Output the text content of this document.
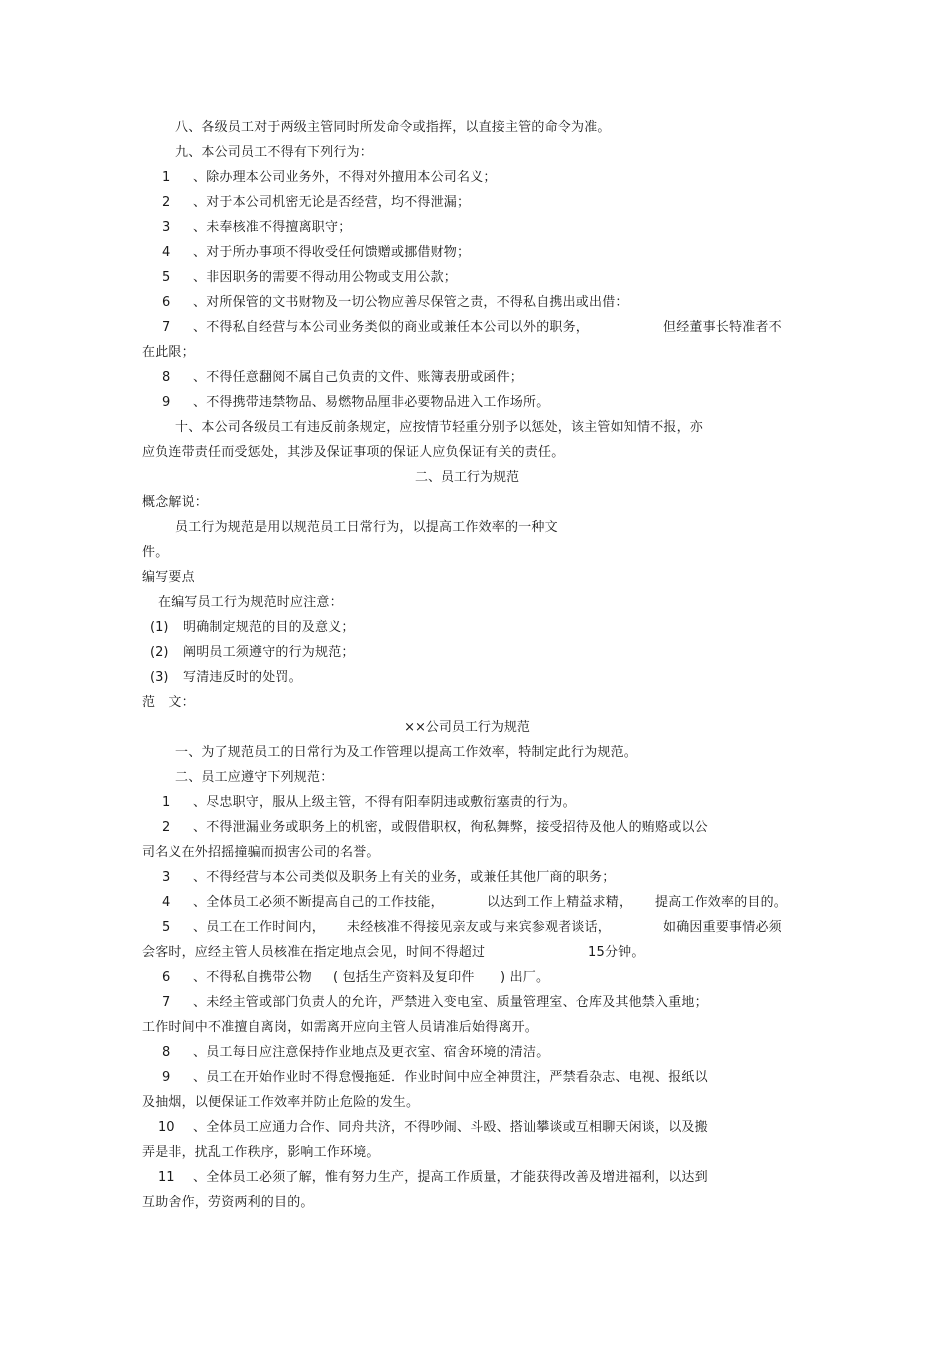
八、各级员工对于两级主管同时所发命令或指挥，以直接主管的命令为准。
九、本公司员工不得有下列行为：
1 、除办理本公司业务外，不得对外擅用本公司名义；
2 、对于本公司机密无论是否经营，均不得泄漏；
3 、未奉核准不得擅离职守；
4 、对于所办事项不得收受任何馈赠或挪借财物；
5 、非因职务的需要不得动用公物或支用公款；
6 、对所保管的文书财物及一切公物应善尽保管之责，不得私自携出或出借：
7 、不得私自经营与本公司业务类似的商业或兼任本公司以外的职务，	但经董事长特准者不
在此限；
8 、不得任意翻阅不属自己负责的文件、账簿表册或函件；
9 、不得携带违禁物品、易燃物品厘非必要物品进入工作场所。
十、本公司各级员工有违反前条规定，应按情节轻重分别予以惩处，该主管如知情不报，亦
应负连带责任而受惩处，其涉及保证事项的保证人应负保证有关的责任。
二、员工行为规范
概念解说：
员工行为规范是用以规范员工日常行为，以提高工作效率的一种文
件。
编写要点
在编写员工行为规范时应注意：
(1) 明确制定规范的目的及意义；
(2) 阐明员工须遵守的行为规范；
(3) 写清违反时的处罚。
范　文：
××公司员工行为规范
一、为了规范员工的日常行为及工作管理以提高工作效率，特制定此行为规范。
二、员工应遵守下列规范：
1 、尽忠职守，服从上级主管，不得有阳奉阴违或敷衍塞责的行为。
2 、不得泄漏业务或职务上的机密，或假借职权，徇私舞弊，接受招待及他人的贿赂或以公
司名义在外招摇撞骗而损害公司的名誉。
3 、不得经营与本公司类似及职务上有关的业务，或兼任其他厂商的职务；
4 、全体员工必须不断提高自己的工作技能，	以达到工作上精益求精， 提高工作效率的目的。
5 、员工在工作时间内， 未经核准不得接见亲友或与来宾参观者谈话，	如确因重要事情必须
会客时，应经主管人员核准在指定地点会见，时间不得超过	15分钟。
6 、不得私自携带公物 ( 包括生产资料及复印件 ) 出厂。
7 、未经主管或部门负责人的允许，严禁进入变电室、质量管理室、仓库及其他禁入重地；
工作时间中不准擅自离岗，如需离开应向主管人员请准后始得离开。
8 、员工每日应注意保持作业地点及更衣室、宿舍环境的清洁。
9 、员工在开始作业时不得怠慢拖延．作业时间中应全神贯注，严禁看杂志、电视、报纸以
及抽烟，以便保证工作效率并防止危险的发生。
10 、全体员工应通力合作、同舟共济，不得吵闹、斗殴、搭讪攀谈或互相聊天闲谈，以及搬
弄是非，扰乱工作秩序，影响工作环境。
11 、全体员工必须了解，惟有努力生产，提高工作质量，才能获得改善及增进福利，以达到
互助舍作，劳资两利的目的。
